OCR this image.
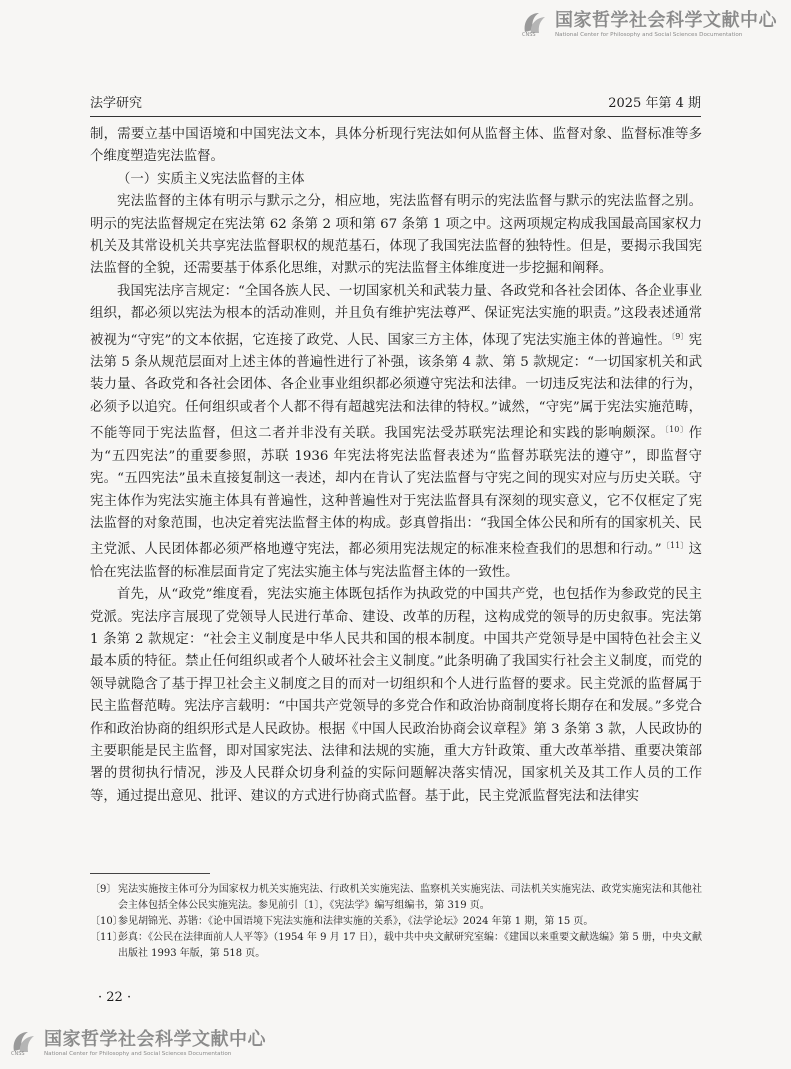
CNSS
国家哲学社会科学文献中心
National Center for Philosophy and Social Sciences Documentation
法学研究	2025 年第 4 期

制，需要立基中国语境和中国宪法文本，具体分析现行宪法如何从监督主体、监督对象、监督标准等多个维度塑造宪法监督。

（一）实质主义宪法监督的主体

宪法监督的主体有明示与默示之分，相应地，宪法监督有明示的宪法监督与默示的宪法监督之别。明示的宪法监督规定在宪法第 62 条第 2 项和第 67 条第 1 项之中。这两项规定构成我国最高国家权力机关及其常设机关共享宪法监督职权的规范基石，体现了我国宪法监督的独特性。但是，要揭示我国宪法监督的全貌，还需要基于体系化思维，对默示的宪法监督主体维度进一步挖掘和阐释。

我国宪法序言规定：“全国各族人民、一切国家机关和武装力量、各政党和各社会团体、各企业事业组织，都必须以宪法为根本的活动准则，并且负有维护宪法尊严、保证宪法实施的职责。”这段表述通常被视为“守宪”的文本依据，它连接了政党、人民、国家三方主体，体现了宪法实施主体的普遍性。$^{〔9〕}$宪法第 5 条从规范层面对上述主体的普遍性进行了补强，该条第 4 款、第 5 款规定：“一切国家机关和武装力量、各政党和各社会团体、各企业事业组织都必须遵守宪法和法律。一切违反宪法和法律的行为，必须予以追究。任何组织或者个人都不得有超越宪法和法律的特权。”诚然，“守宪”属于宪法实施范畴，不能等同于宪法监督，但这二者并非没有关联。我国宪法受苏联宪法理论和实践的影响颇深。$^{〔10〕}$作为“五四宪法”的重要参照，苏联 1936 年宪法将宪法监督表述为“监督苏联宪法的遵守”，即监督守宪。“五四宪法”虽未直接复制这一表述，却内在肯认了宪法监督与守宪之间的现实对应与历史关联。守宪主体作为宪法实施主体具有普遍性，这种普遍性对于宪法监督具有深刻的现实意义，它不仅框定了宪法监督的对象范围，也决定着宪法监督主体的构成。彭真曾指出：“我国全体公民和所有的国家机关、民主党派、人民团体都必须严格地遵守宪法，都必须用宪法规定的标准来检查我们的思想和行动。”$^{〔11〕}$这恰在宪法监督的标准层面肯定了宪法实施主体与宪法监督主体的一致性。

首先，从“政党”维度看，宪法实施主体既包括作为执政党的中国共产党，也包括作为参政党的民主党派。宪法序言展现了党领导人民进行革命、建设、改革的历程，这构成党的领导的历史叙事。宪法第 1 条第 2 款规定：“社会主义制度是中华人民共和国的根本制度。中国共产党领导是中国特色社会主义最本质的特征。禁止任何组织或者个人破坏社会主义制度。”此条明确了我国实行社会主义制度，而党的领导就隐含了基于捍卫社会主义制度之目的而对一切组织和个人进行监督的要求。民主党派的监督属于民主监督范畴。宪法序言载明：“中国共产党领导的多党合作和政治协商制度将长期存在和发展。”多党合作和政治协商的组织形式是人民政协。根据《中国人民政治协商会议章程》第 3 条第 3 款，人民政协的主要职能是民主监督，即对国家宪法、法律和法规的实施，重大方针政策、重大改革举措、重要决策部署的贯彻执行情况，涉及人民群众切身利益的实际问题解决落实情况，国家机关及其工作人员的工作等，通过提出意见、批评、建议的方式进行协商式监督。基于此，民主党派监督宪法和法律实

〔9〕 宪法实施按主体可分为国家权力机关实施宪法、行政机关实施宪法、监察机关实施宪法、司法机关实施宪法、政党实施宪法和其他社会主体包括全体公民实施宪法。参见前引〔1〕，《宪法学》编写组编书，第 319 页。

〔10〕
参见胡锦光、苏锴：《论中国语境下宪法实施和法律实施的关系》，《法学论坛》2024 年第 1 期，第 15 页。

〔11〕
彭真：《公民在法律面前人人平等》（1954 年 9 月 17 日），载中共中央文献研究室编：《建国以来重要文献选编》第 5 册，中央文献出版社 1993 年版，第 518 页。

· 22 ·
CNSS
国家哲学社会科学文献中心
National Center for Philosophy and Social Sciences Documentation
